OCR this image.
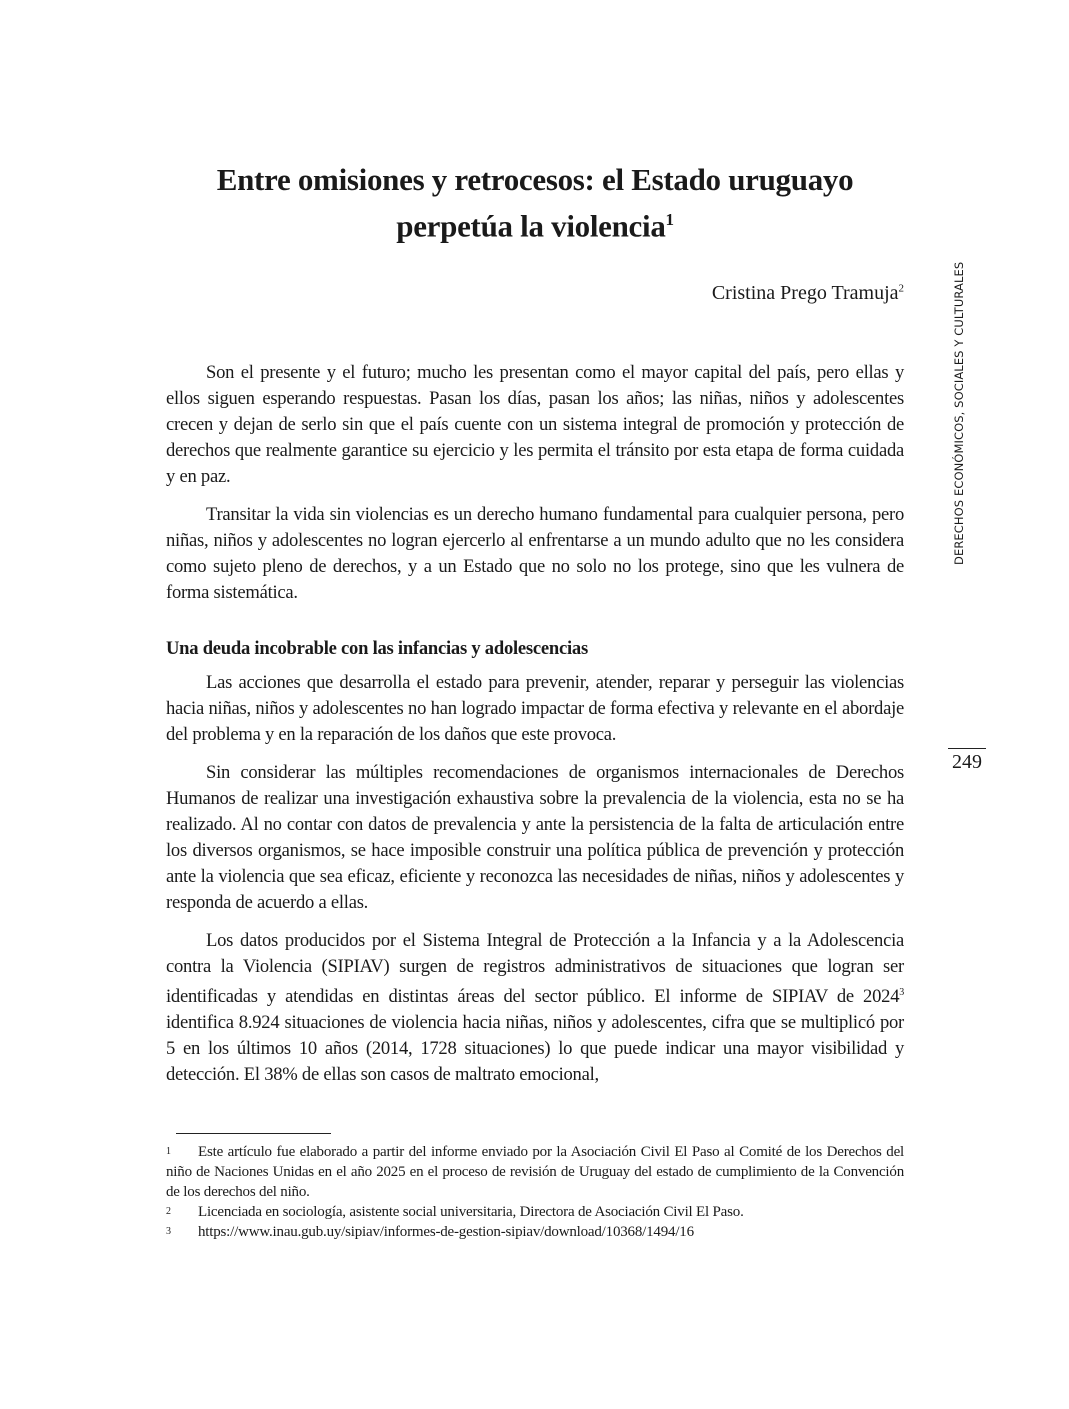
Entre omisiones y retrocesos: el Estado uruguayo
perpetúa la violencia$^1$
Cristina Prego Tramuja$^2$

Son el presente y el futuro; mucho les presentan como el mayor capital del país, pero ellas y ellos siguen esperando respuestas. Pasan los días, pasan los años; las niñas, niños y adolescentes crecen y dejan de serlo sin que el país cuente con un sistema integral de promoción y protección de derechos que realmente garantice su ejercicio y les permita el tránsito por esta etapa de forma cuidada y en paz.

Transitar la vida sin violencias es un derecho humano fundamental para cualquier persona, pero niñas, niños y adolescentes no logran ejercerlo al enfrentarse a un mundo adulto que no les considera como sujeto pleno de derechos, y a un Estado que no solo no los protege, sino que les vulnera de forma sistemática.

Una deuda incobrable con las infancias y adolescencias

Las acciones que desarrolla el estado para prevenir, atender, reparar y perseguir las violencias hacia niñas, niños y adolescentes no han logrado impactar de forma efectiva y relevante en el abordaje del problema y en la reparación de los daños que este provoca.

Sin considerar las múltiples recomendaciones de organismos internacionales de Derechos Humanos de realizar una investigación exhaustiva sobre la prevalencia de la violencia, esta no se ha realizado. Al no contar con datos de prevalencia y ante la persistencia de la falta de articulación entre los diversos organismos, se hace imposible construir una política pública de prevención y protección ante la violencia que sea eficaz, eficiente y reconozca las necesidades de niñas, niños y adolescentes y responda de acuerdo a ellas.

Los datos producidos por el Sistema Integral de Protección a la Infancia y a la Adolescencia contra la Violencia (SIPIAV) surgen de registros administrativos de situaciones que logran ser identificadas y atendidas en distintas áreas del sector público. El informe de SIPIAV de 2024$^3$ identifica 8.924 situaciones de violencia hacia niñas, niños y adolescentes, cifra que se multiplicó por 5 en los últimos 10 años (2014, 1728 situaciones) lo que puede indicar una mayor visibilidad y detección. El 38% de ellas son casos de maltrato emocional,

1 Este artículo fue elaborado a partir del informe enviado por la Asociación Civil El Paso al Comité de los Derechos del niño de Naciones Unidas en el año 2025 en el proceso de revisión de Uruguay del estado de cumplimiento de la Convención de los derechos del niño.
2	Licenciada en sociología, asistente social universitaria, Directora de Asociación Civil El Paso.
3	https://www.inau.gub.uy/sipiav/informes-de-gestion-sipiav/download/10368/1494/16
DERECHOS ECONÓMICOS, SOCIALES Y CULTURALES
249
